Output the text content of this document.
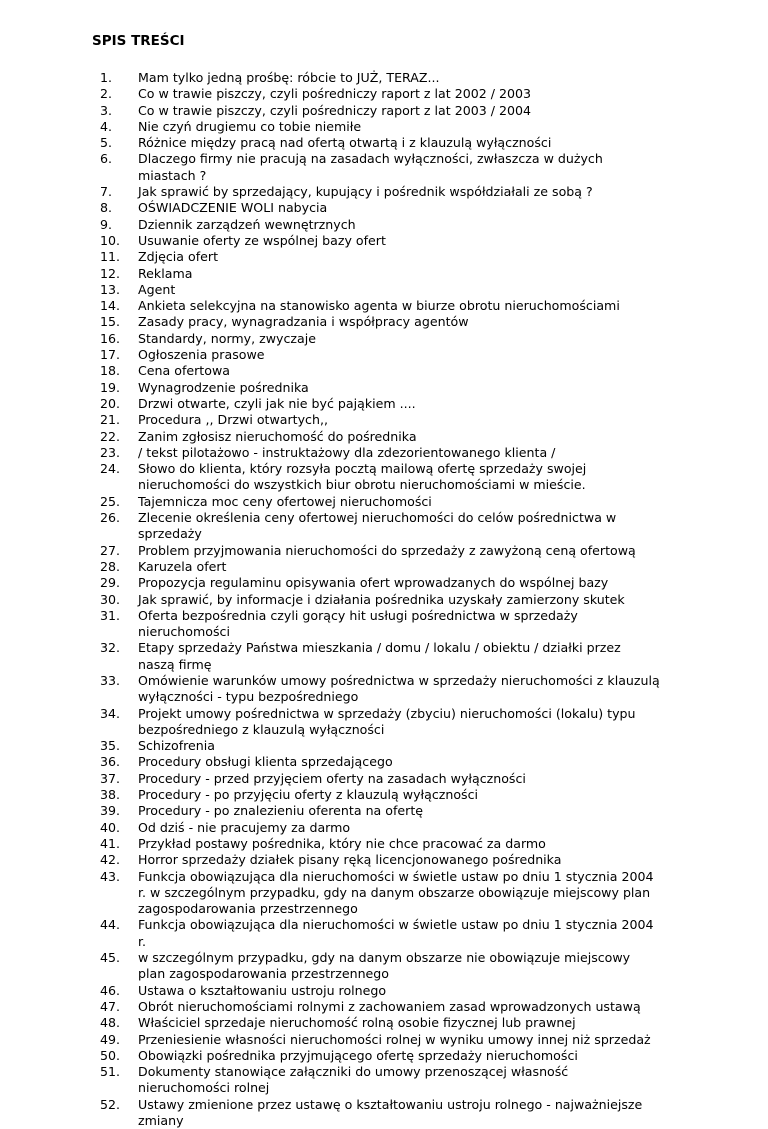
SPIS TREŚCI
1.	Mam tylko jedną prośbę: róbcie to JUŻ, TERAZ...
2.	Co w trawie piszczy, czyli pośredniczy raport z lat 2002 / 2003
3.	Co w trawie piszczy, czyli pośredniczy raport z lat 2003 / 2004
4.	Nie czyń drugiemu co tobie niemiłe
5.	Różnice między pracą nad ofertą otwartą i z klauzulą wyłączności
6.	Dlaczego firmy nie pracują na zasadach wyłączności, zwłaszcza w dużych miastach ?
7.	Jak sprawić by sprzedający, kupujący i pośrednik współdziałali ze sobą ?
8.	OŚWIADCZENIE WOLI nabycia
9.	Dziennik zarządzeń wewnętrznych
10.	Usuwanie oferty ze wspólnej bazy ofert
11.	Zdjęcia ofert
12.	Reklama
13.	Agent
14.	Ankieta selekcyjna na stanowisko agenta w biurze obrotu nieruchomościami
15.	Zasady pracy, wynagradzania i współpracy agentów
16.	Standardy, normy, zwyczaje
17.	Ogłoszenia prasowe
18.	Cena ofertowa
19.	Wynagrodzenie pośrednika
20.	Drzwi otwarte, czyli jak nie być pająkiem ....
21.	Procedura ,, Drzwi otwartych,,
22.	Zanim zgłosisz nieruchomość do pośrednika
23.	/ tekst pilotażowo - instruktażowy dla zdezorientowanego klienta /
24.	Słowo do klienta, który rozsyła pocztą mailową ofertę sprzedaży swojej nieruchomości do wszystkich biur obrotu nieruchomościami w mieście.
25.	Tajemnicza moc ceny ofertowej nieruchomości
26.	Zlecenie określenia ceny ofertowej nieruchomości do celów pośrednictwa w sprzedaży
27.	Problem przyjmowania nieruchomości do sprzedaży z zawyżoną ceną ofertową
28.	Karuzela ofert
29.	Propozycja regulaminu opisywania ofert wprowadzanych do wspólnej bazy
30.	Jak sprawić, by informacje i działania pośrednika uzyskały zamierzony skutek
31.	Oferta bezpośrednia czyli gorący hit usługi pośrednictwa w sprzedaży nieruchomości
32.	Etapy sprzedaży Państwa mieszkania / domu / lokalu / obiektu / działki przez naszą firmę
33.	Omówienie warunków umowy pośrednictwa w sprzedaży nieruchomości z klauzulą wyłączności - typu bezpośredniego
34.	Projekt umowy pośrednictwa w sprzedaży (zbyciu) nieruchomości (lokalu) typu bezpośredniego z klauzulą wyłączności
35.	Schizofrenia
36.	Procedury obsługi klienta sprzedającego
37.	Procedury - przed przyjęciem oferty na zasadach wyłączności
38.	Procedury - po przyjęciu oferty z klauzulą wyłączności
39.	Procedury - po znalezieniu oferenta na ofertę
40.	Od dziś - nie pracujemy za darmo
41.	Przykład postawy pośrednika, który nie chce pracować za darmo
42.	Horror sprzedaży działek pisany ręką licencjonowanego pośrednika
43.	Funkcja obowiązująca dla nieruchomości w świetle ustaw po dniu 1 stycznia 2004 r. w szczególnym przypadku, gdy na danym obszarze obowiązuje miejscowy plan zagospodarowania przestrzennego
44.	Funkcja obowiązująca dla nieruchomości w świetle ustaw po dniu 1 stycznia 2004 r.
45.	w szczególnym przypadku, gdy na danym obszarze nie obowiązuje miejscowy plan zagospodarowania przestrzennego
46.	Ustawa o kształtowaniu ustroju rolnego
47.	Obrót nieruchomościami rolnymi z zachowaniem zasad wprowadzonych ustawą
48.	Właściciel sprzedaje nieruchomość rolną osobie fizycznej lub prawnej
49.	Przeniesienie własności nieruchomości rolnej w wyniku umowy innej niż sprzedaż
50.	Obowiązki pośrednika przyjmującego ofertę sprzedaży nieruchomości
51.	Dokumenty stanowiące załączniki do umowy przenoszącej własność nieruchomości rolnej
52.	Ustawy zmienione przez ustawę o kształtowaniu ustroju rolnego - najważniejsze zmiany
